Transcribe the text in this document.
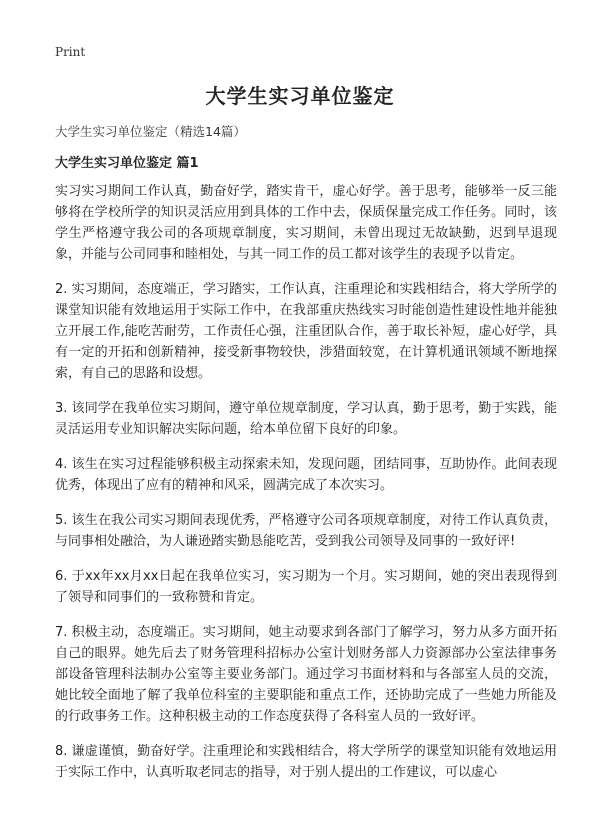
Print
大学生实习单位鉴定
大学生实习单位鉴定（精选14篇）
大学生实习单位鉴定 篇1

实习实习期间工作认真，勤奋好学，踏实肯干，虚心好学。善于思考，能够举一反三能够将在学校所学的知识灵活应用到具体的工作中去，保质保量完成工作任务。同时，该学生严格遵守我公司的各项规章制度，实习期间，未曾出现过无故缺勤，迟到早退现象，并能与公司同事和睦相处，与其一同工作的员工都对该学生的表现予以肯定。

2. 实习期间，态度端正，学习踏实，工作认真，注重理论和实践相结合，将大学所学的课堂知识能有效地运用于实际工作中，在我部重庆热线实习时能创造性建设性地并能独立开展工作,能吃苦耐劳，工作责任心强，注重团队合作，善于取长补短，虚心好学，具有一定的开拓和创新精神，接受新事物较快，涉猎面较宽，在计算机通讯领域不断地探索，有自己的思路和设想。

3. 该同学在我单位实习期间，遵守单位规章制度，学习认真，勤于思考，勤于实践，能灵活运用专业知识解决实际问题，给本单位留下良好的印象。

4. 该生在实习过程能够积极主动探索未知，发现问题，团结同事，互助协作。此间表现优秀，体现出了应有的精神和风采，圆满完成了本次实习。

5. 该生在我公司实习期间表现优秀，严格遵守公司各项规章制度，对待工作认真负责，与同事相处融洽，为人谦逊踏实勤恳能吃苦，受到我公司领导及同事的一致好评!

6. 于xx年xx月xx日起在我单位实习，实习期为一个月。实习期间，她的突出表现得到了领导和同事们的一致称赞和肯定。

7. 积极主动，态度端正。实习期间，她主动要求到各部门了解学习，努力从多方面开拓自己的眼界。她先后去了财务管理科招标办公室计划财务部人力资源部办公室法律事务部设备管理科法制办公室等主要业务部门。通过学习书面材料和与各部室人员的交流，她比较全面地了解了我单位科室的主要职能和重点工作，还协助完成了一些她力所能及的行政事务工作。这种积极主动的工作态度获得了各科室人员的一致好评。

8. 谦虚谨慎，勤奋好学。注重理论和实践相结合，将大学所学的课堂知识能有效地运用于实际工作中，认真听取老同志的指导，对于别人提出的工作建议，可以虚心
